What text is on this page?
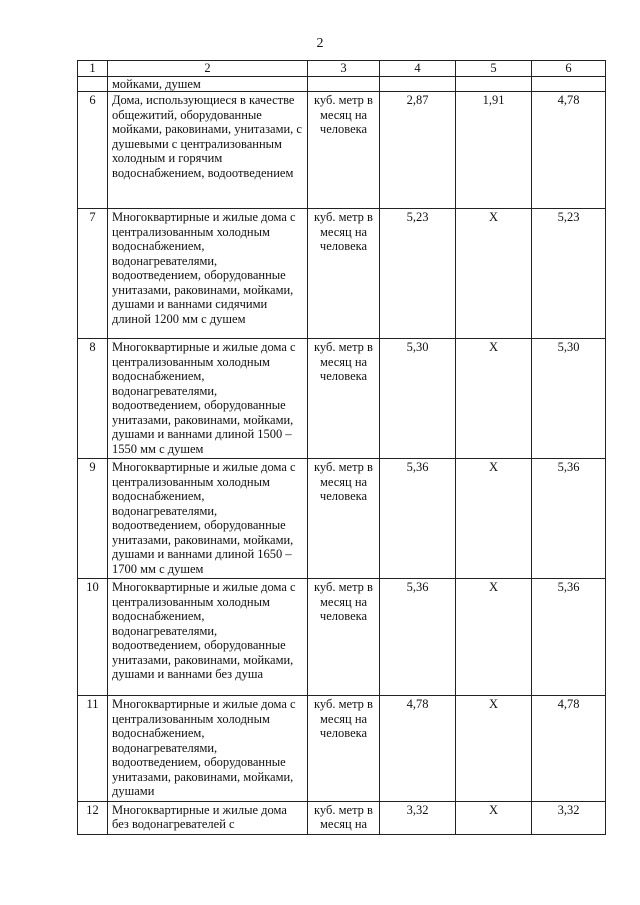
2
1	2	3	4	5	6
	мойками, душем				
6	Дома, использующиеся в качестве общежитий, оборудованные мойками, раковинами, унитазами, с душевыми с централизованным холодным и горячим водоснабжением, водоотведением	куб. метр в месяц на человека	2,87	1,91	4,78
7	Многоквартирные и жилые дома с централизованным холодным водоснабжением, водонагревателями, водоотведением, оборудованные унитазами, раковинами, мойками, душами и ваннами сидячими длиной 1200 мм с душем	куб. метр в месяц на человека	5,23	Х	5,23
8	Многоквартирные и жилые дома с централизованным холодным водоснабжением, водонагревателями, водоотведением, оборудованные унитазами, раковинами, мойками, душами и ваннами длиной 1500 – 1550 мм с душем	куб. метр в месяц на человека	5,30	Х	5,30
9	Многоквартирные и жилые дома с централизованным холодным водоснабжением, водонагревателями, водоотведением, оборудованные унитазами, раковинами, мойками, душами и ваннами длиной 1650 – 1700 мм с душем	куб. метр в месяц на человека	5,36	Х	5,36
10	Многоквартирные и жилые дома с централизованным холодным водоснабжением, водонагревателями, водоотведением, оборудованные унитазами, раковинами, мойками, душами и ваннами без душа	куб. метр в месяц на человека	5,36	Х	5,36
11	Многоквартирные и жилые дома с централизованным холодным водоснабжением, водонагревателями, водоотведением, оборудованные унитазами, раковинами, мойками, душами	куб. метр в месяц на человека	4,78	Х	4,78
12	Многоквартирные и жилые дома без водонагревателей с	куб. метр в месяц на	3,32	Х	3,32
